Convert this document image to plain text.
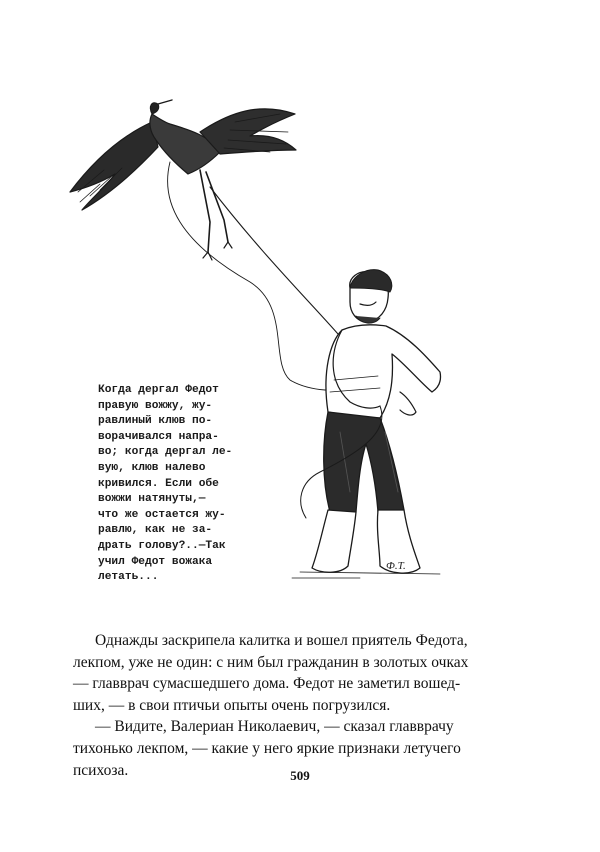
Когда дергал Федот
правую вожжу, жу-
равлиный клюв по-
ворачивался напра-
во; когда дергал ле-
вую, клюв налево
кривился. Если обе
вожжи натянуты,—
что же остается жу-
равлю, как не за-
драть голову?..—Так
учил Федот вожака
летать...
Ф.Т.
Однажды заскрипела калитка и вошел приятель Федота,
лекпом, уже не один: с ним был гражданин в золотых очках
— главврач сумасшедшего дома. Федот не заметил вошед-
ших, — в свои птичьи опыты очень погрузился.
— Видите, Валериан Николаевич, — сказал главврачу
тихонько лекпом, — какие у него яркие признаки летучего
психоза.	509
